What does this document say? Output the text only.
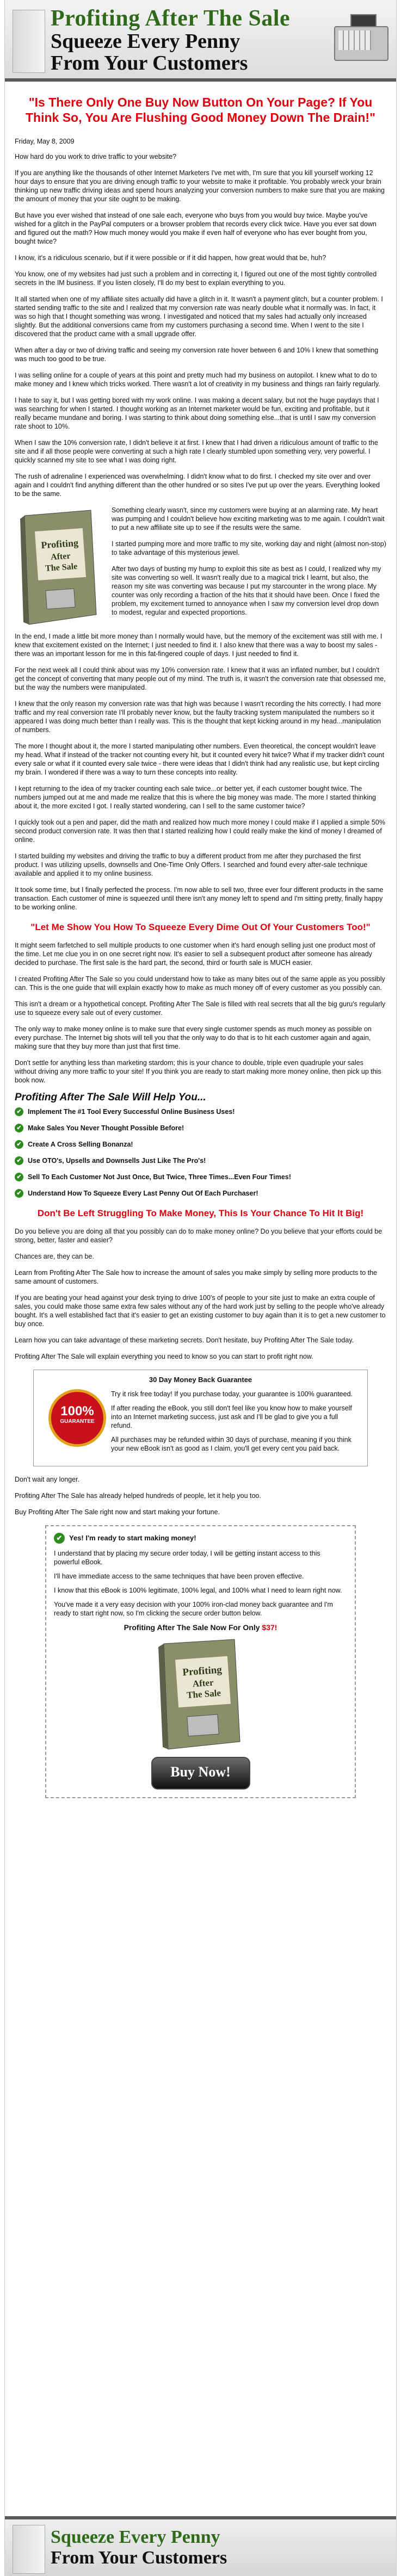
Profiting After The Sale
Squeeze Every Penny
From Your Customers
"Is There Only One Buy Now Button On Your Page? If You Think So, You Are Flushing Good Money Down The Drain!"
Friday, May 8, 2009

How hard do you work to drive traffic to your website?

If you are anything like the thousands of other Internet Marketers I've met with, I'm sure that you kill yourself working 12 hour days to ensure that you are driving enough traffic to your website to make it profitable. You probably wreck your brain thinking up new traffic driving ideas and spend hours analyzing your conversion numbers to make sure that you are making the amount of money that your site ought to be making.

But have you ever wished that instead of one sale each, everyone who buys from you would buy twice. Maybe you've wished for a glitch in the PayPal computers or a browser problem that records every click twice. Have you ever sat down and figured out the math? How much money would you make if even half of everyone who has ever bought from you, bought twice?

I know, it's a ridiculous scenario, but if it were possible or if it did happen, how great would that be, huh?

You know, one of my websites had just such a problem and in correcting it, I figured out one of the most tightly controlled secrets in the IM business. If you listen closely, I'll do my best to explain everything to you.

It all started when one of my affiliate sites actually did have a glitch in it. It wasn't a payment glitch, but a counter problem. I started sending traffic to the site and I realized that my conversion rate was nearly double what it normally was. In fact, it was so high that I thought something was wrong. I investigated and noticed that my sales had actually only increased slightly. But the additional conversions came from my customers purchasing a second time. When I went to the site I discovered that the product came with a small upgrade offer.

When after a day or two of driving traffic and seeing my conversion rate hover between 6 and 10% I knew that something was much too good to be true.

I was selling online for a couple of years at this point and pretty much had my business on autopilot. I knew what to do to make money and I knew which tricks worked. There wasn't a lot of creativity in my business and things ran fairly regularly.

I hate to say it, but I was getting bored with my work online. I was making a decent salary, but not the huge paydays that I was searching for when I started. I thought working as an Internet marketer would be fun, exciting and profitable, but it really became mundane and boring. I was starting to think about doing something else...that is until I saw my conversion rate shoot to 10%.

When I saw the 10% conversion rate, I didn't believe it at first. I knew that I had driven a ridiculous amount of traffic to the site and if all those people were converting at such a high rate I clearly stumbled upon something very, very powerful. I quickly scanned my site to see what I was doing right.

The rush of adrenaline I experienced was overwhelming. I didn't know what to do first. I checked my site over and over again and I couldn't find anything different than the other hundred or so sites I've put up over the years. Everything looked to be the same.

Profiting
After
The Sale

Something clearly wasn't, since my customers were buying at an alarming rate. My heart was pumping and I couldn't believe how exciting marketing was to me again. I couldn't wait to put a new affiliate site up to see if the results were the same.

I started pumping more and more traffic to my site, working day and night (almost non-stop) to take advantage of this mysterious jewel.

After two days of busting my hump to exploit this site as best as I could, I realized why my site was converting so well. It wasn't really due to a magical trick I learnt, but also, the reason my site was converting was because I put my starcounter in the wrong place. My counter was only recording a fraction of the hits that it should have been. Once I fixed the problem, my excitement turned to annoyance when I saw my conversion level drop down to modest, regular and expected proportions.

In the end, I made a little bit more money than I normally would have, but the memory of the excitement was still with me. I knew that excitement existed on the Internet; I just needed to find it. I also knew that there was a way to boost my sales - there was an important lesson for me in this fat-fingered couple of days. I just needed to find it.

For the next week all I could think about was my 10% conversion rate. I knew that it was an inflated number, but I couldn't get the concept of converting that many people out of my mind. The truth is, it wasn't the conversion rate that obsessed me, but the way the numbers were manipulated.

I knew that the only reason my conversion rate was that high was because I wasn't recording the hits correctly. I had more traffic and my real conversion rate I'll probably never know, but the faulty tracking system manipulated the numbers so it appeared I was doing much better than I really was. This is the thought that kept kicking around in my head...manipulation of numbers.

The more I thought about it, the more I started manipulating other numbers. Even theoretical, the concept wouldn't leave my head. What if instead of the tracker not counting every hit, but it counted every hit twice? What if my tracker didn't count every sale or what if it counted every sale twice - there were ideas that I didn't think had any realistic use, but kept circling my brain. I wondered if there was a way to turn these concepts into reality.

I kept returning to the idea of my tracker counting each sale twice...or better yet, if each customer bought twice. The numbers jumped out at me and made me realize that this is where the big money was made. The more I started thinking about it, the more excited I got. I really started wondering, can I sell to the same customer twice?

I quickly took out a pen and paper, did the math and realized how much more money I could make if I applied a simple 50% second product conversion rate. It was then that I started realizing how I could really make the kind of money I dreamed of online.

I started building my websites and driving the traffic to buy a different product from me after they purchased the first product. I was utilizing upsells, downsells and One-Time Only Offers. I searched and found every after-sale technique available and applied it to my online business.

It took some time, but I finally perfected the process. I'm now able to sell two, three ever four different products in the same transaction. Each customer of mine is squeezed until there isn't any money left to spend and I'm sitting pretty, finally happy to be working online.

"Let Me Show You How To Squeeze Every Dime Out Of Your Customers Too!"

It might seem farfetched to sell multiple products to one customer when it's hard enough selling just one product most of the time. Let me clue you in on one secret right now. It's easier to sell a subsequent product after someone has already decided to purchase. The first sale is the hard part, the second, third or fourth sale is MUCH easier.

I created Profiting After The Sale so you could understand how to take as many bites out of the same apple as you possibly can. This is the one guide that will explain exactly how to make as much money off of every customer as you possibly can.

This isn't a dream or a hypothetical concept. Profiting After The Sale is filled with real secrets that all the big guru's regularly use to squeeze every sale out of every customer.

The only way to make money online is to make sure that every single customer spends as much money as possible on every purchase. The Internet big shots will tell you that the only way to do that is to hit each customer again and again, making sure that they buy more than just that first time.

Don't settle for anything less than marketing stardom; this is your chance to double, triple even quadruple your sales without driving any more traffic to your site! If you think you are ready to start making more money online, then pick up this book now.

Profiting After The Sale Will Help You...
✔ Implement The #1 Tool Every Successful Online Business Uses!
✔ Make Sales You Never Thought Possible Before!
✔ Create A Cross Selling Bonanza!
✔ Use OTO's, Upsells and Downsells Just Like The Pro's!
✔ Sell To Each Customer Not Just Once, But Twice, Three Times...Even Four Times!
✔ Understand How To Squeeze Every Last Penny Out Of Each Purchaser!
Don't Be Left Struggling To Make Money, This Is Your Chance To Hit It Big!

Do you believe you are doing all that you possibly can do to make money online? Do you believe that your efforts could be strong, better, faster and easier?

Chances are, they can be.

Learn from Profiting After The Sale how to increase the amount of sales you make simply by selling more products to the same amount of customers.

If you are beating your head against your desk trying to drive 100's of people to your site just to make an extra couple of sales, you could make those same extra few sales without any of the hard work just by selling to the people who've already bought. It's a well established fact that it's easier to get an existing customer to buy again than it is to get a new customer to buy once.

Learn how you can take advantage of these marketing secrets. Don't hesitate, buy Profiting After The Sale today.

Profiting After The Sale will explain everything you need to know so you can start to profit right now.

30 Day Money Back Guarantee
100%
GUARANTEE

Try it risk free today! If you purchase today, your guarantee is 100% guaranteed.

If after reading the eBook, you still don't feel like you know how to make yourself into an Internet marketing success, just ask and I'll be glad to give you a full refund.

All purchases may be refunded within 30 days of purchase, meaning if you think your new eBook isn't as good as I claim, you'll get every cent you paid back.

Don't wait any longer.

Profiting After The Sale has already helped hundreds of people, let it help you too.

Buy Profiting After The Sale right now and start making your fortune.

✔ Yes! I'm ready to start making money!

I understand that by placing my secure order today, I will be getting instant access to this powerful eBook.

I'll have immediate access to the same techniques that have been proven effective.

I know that this eBook is 100% legitimate, 100% legal, and 100% what I need to learn right now.

You've made it a very easy decision with your 100% iron-clad money back guarantee and I'm ready to start right now, so I'm clicking the secure order button below.

Profiting After The Sale Now For Only $37!
Profiting
After
The Sale
Buy Now!
Squeeze Every Penny
From Your Customers
